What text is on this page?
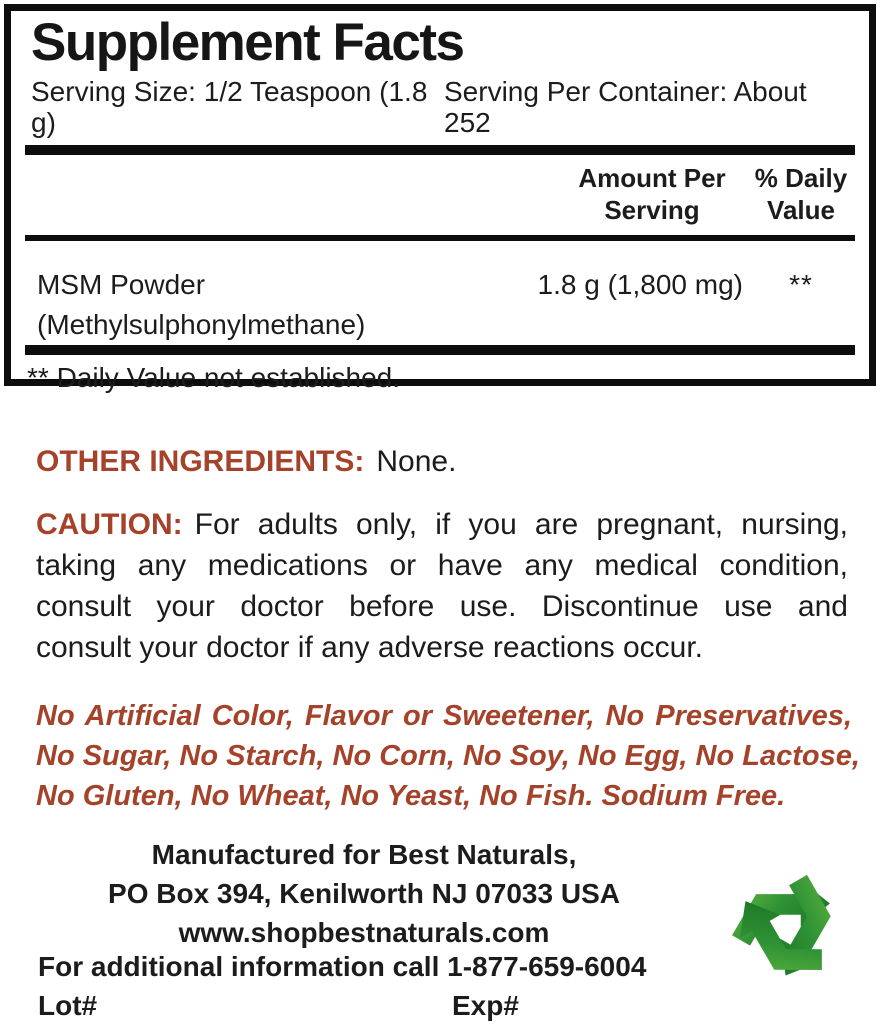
Supplement Facts
Serving Size: 1/2 Teaspoon (1.8 g)
Serving Per Container: About  252
Amount Per
Serving
% Daily
Value
MSM Powder
(Methylsulphonylmethane)
1.8 g (1,800 mg)	**
** Daily Value not established.
OTHER INGREDIENTS: None.
CAUTION: For adults only, if you are pregnant, nursing,
taking any medications or have any medical condition,
consult your doctor before use. Discontinue use and
consult your doctor if any adverse reactions occur.
No Artificial Color, Flavor or Sweetener, No Preservatives,
No Sugar, No Starch, No Corn, No Soy, No Egg, No Lactose,
No Gluten, No Wheat, No Yeast, No Fish. Sodium Free.
Manufactured for Best Naturals,
PO Box 394, Kenilworth NJ 07033 USA
www.shopbestnaturals.com
For additional information call 1-877-659-6004
Lot#	Exp#
